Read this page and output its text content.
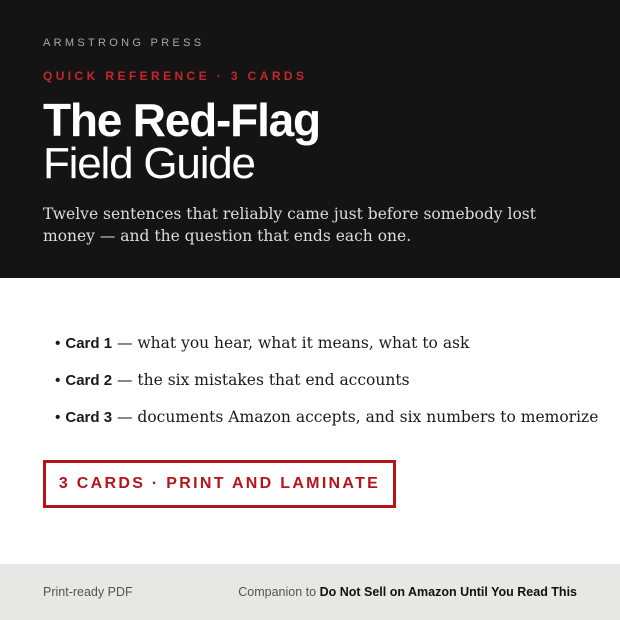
ARMSTRONG PRESS
QUICK REFERENCE · 3 CARDS
The Red-Flag
Field Guide

Twelve sentences that reliably came just before somebody lost money — and the question that ends each one.

• Card 1 — what you hear, what it means, what to ask
• Card 2 — the six mistakes that end accounts
• Card 3 — documents Amazon accepts, and six numbers to memorize
3 CARDS · PRINT AND LAMINATE
Print-ready PDF	Companion to Do Not Sell on Amazon Until You Read This
